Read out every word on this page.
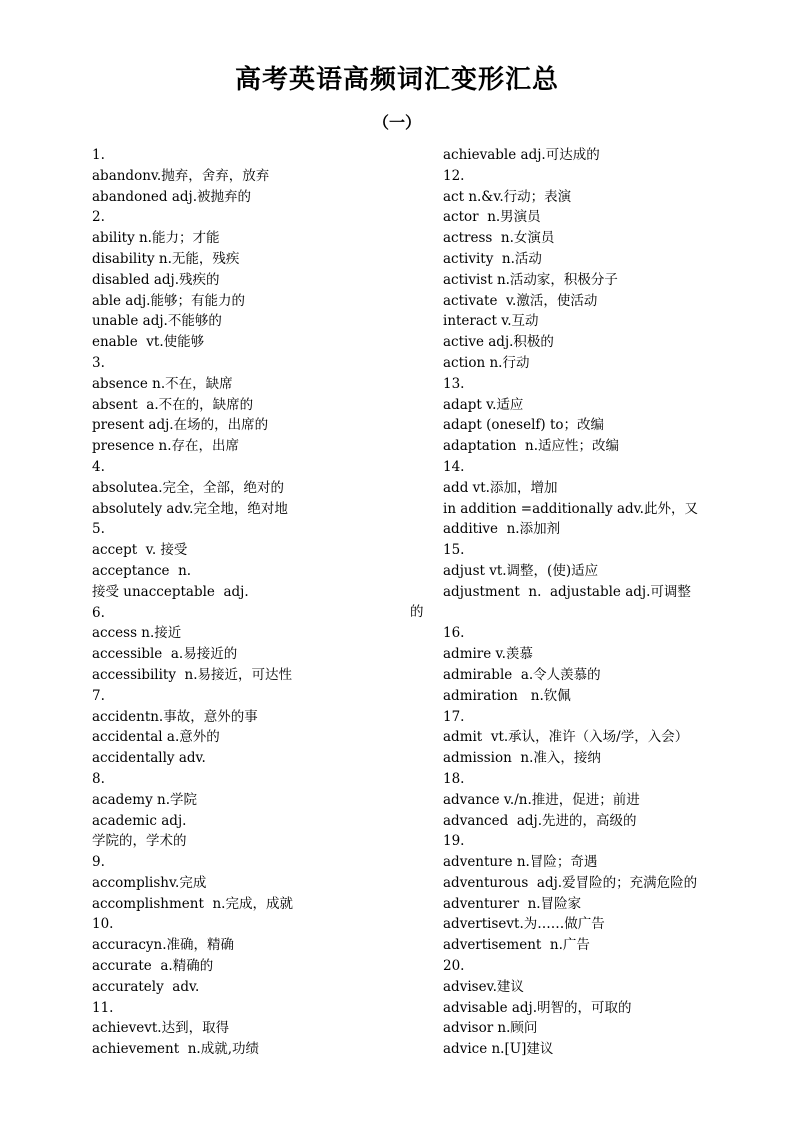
高考英语高频词汇变形汇总
（一）
1.
abandonv.抛弃，舍弃，放弃
abandoned adj.被抛弃的
2.
ability n.能力；才能
disability n.无能，残疾
disabled adj.残疾的
able adj.能够；有能力的
unable adj.不能够的
enable  vt.使能够
3.
absence n.不在，缺席
absent  a.不在的，缺席的
present adj.在场的，出席的
presence n.存在，出席
4.
absolutea.完全，全部，绝对的
absolutely adv.完全地，绝对地
5.
accept  v. 接受
acceptance  n.
接受 unacceptable  adj.
6.
access n.接近
accessible  a.易接近的
accessibility  n.易接近，可达性
7.
accidentn.事故，意外的事
accidental a.意外的
accidentally adv.
8.
academy n.学院
academic adj.
学院的，学术的
9.
accomplishv.完成
accomplishment  n.完成，成就
10.
accuracyn.准确，精确
accurate  a.精确的
accurately  adv.
11.
achievevt.达到，取得
achievement  n.成就,功绩
的
achievable adj.可达成的
12.
act n.&v.行动；表演
actor  n.男演员
actress  n.女演员
activity  n.活动
activist n.活动家，积极分子
activate  v.激活，使活动
interact v.互动
active adj.积极的
action n.行动
13.
adapt v.适应
adapt (oneself) to；改编
adaptation  n.适应性；改编
14.
add vt.添加，增加
in addition =additionally adv.此外，又
additive  n.添加剂
15.
adjust vt.调整，(使)适应
adjustment  n.  adjustable adj.可调整
16.
admire v.羡慕
admirable  a.令人羡慕的
admiration   n.钦佩
17.
admit  vt.承认，准许（入场/学，入会）
admission  n.准入，接纳
18.
advance v./n.推进，促进；前进
advanced  adj.先进的，高级的
19.
adventure n.冒险；奇遇
adventurous  adj.爱冒险的；充满危险的
adventurer  n.冒险家
advertisevt.为……做广告
advertisement  n.广告
20.
advisev.建议
advisable adj.明智的，可取的
advisor n.顾问
advice n.[U]建议
